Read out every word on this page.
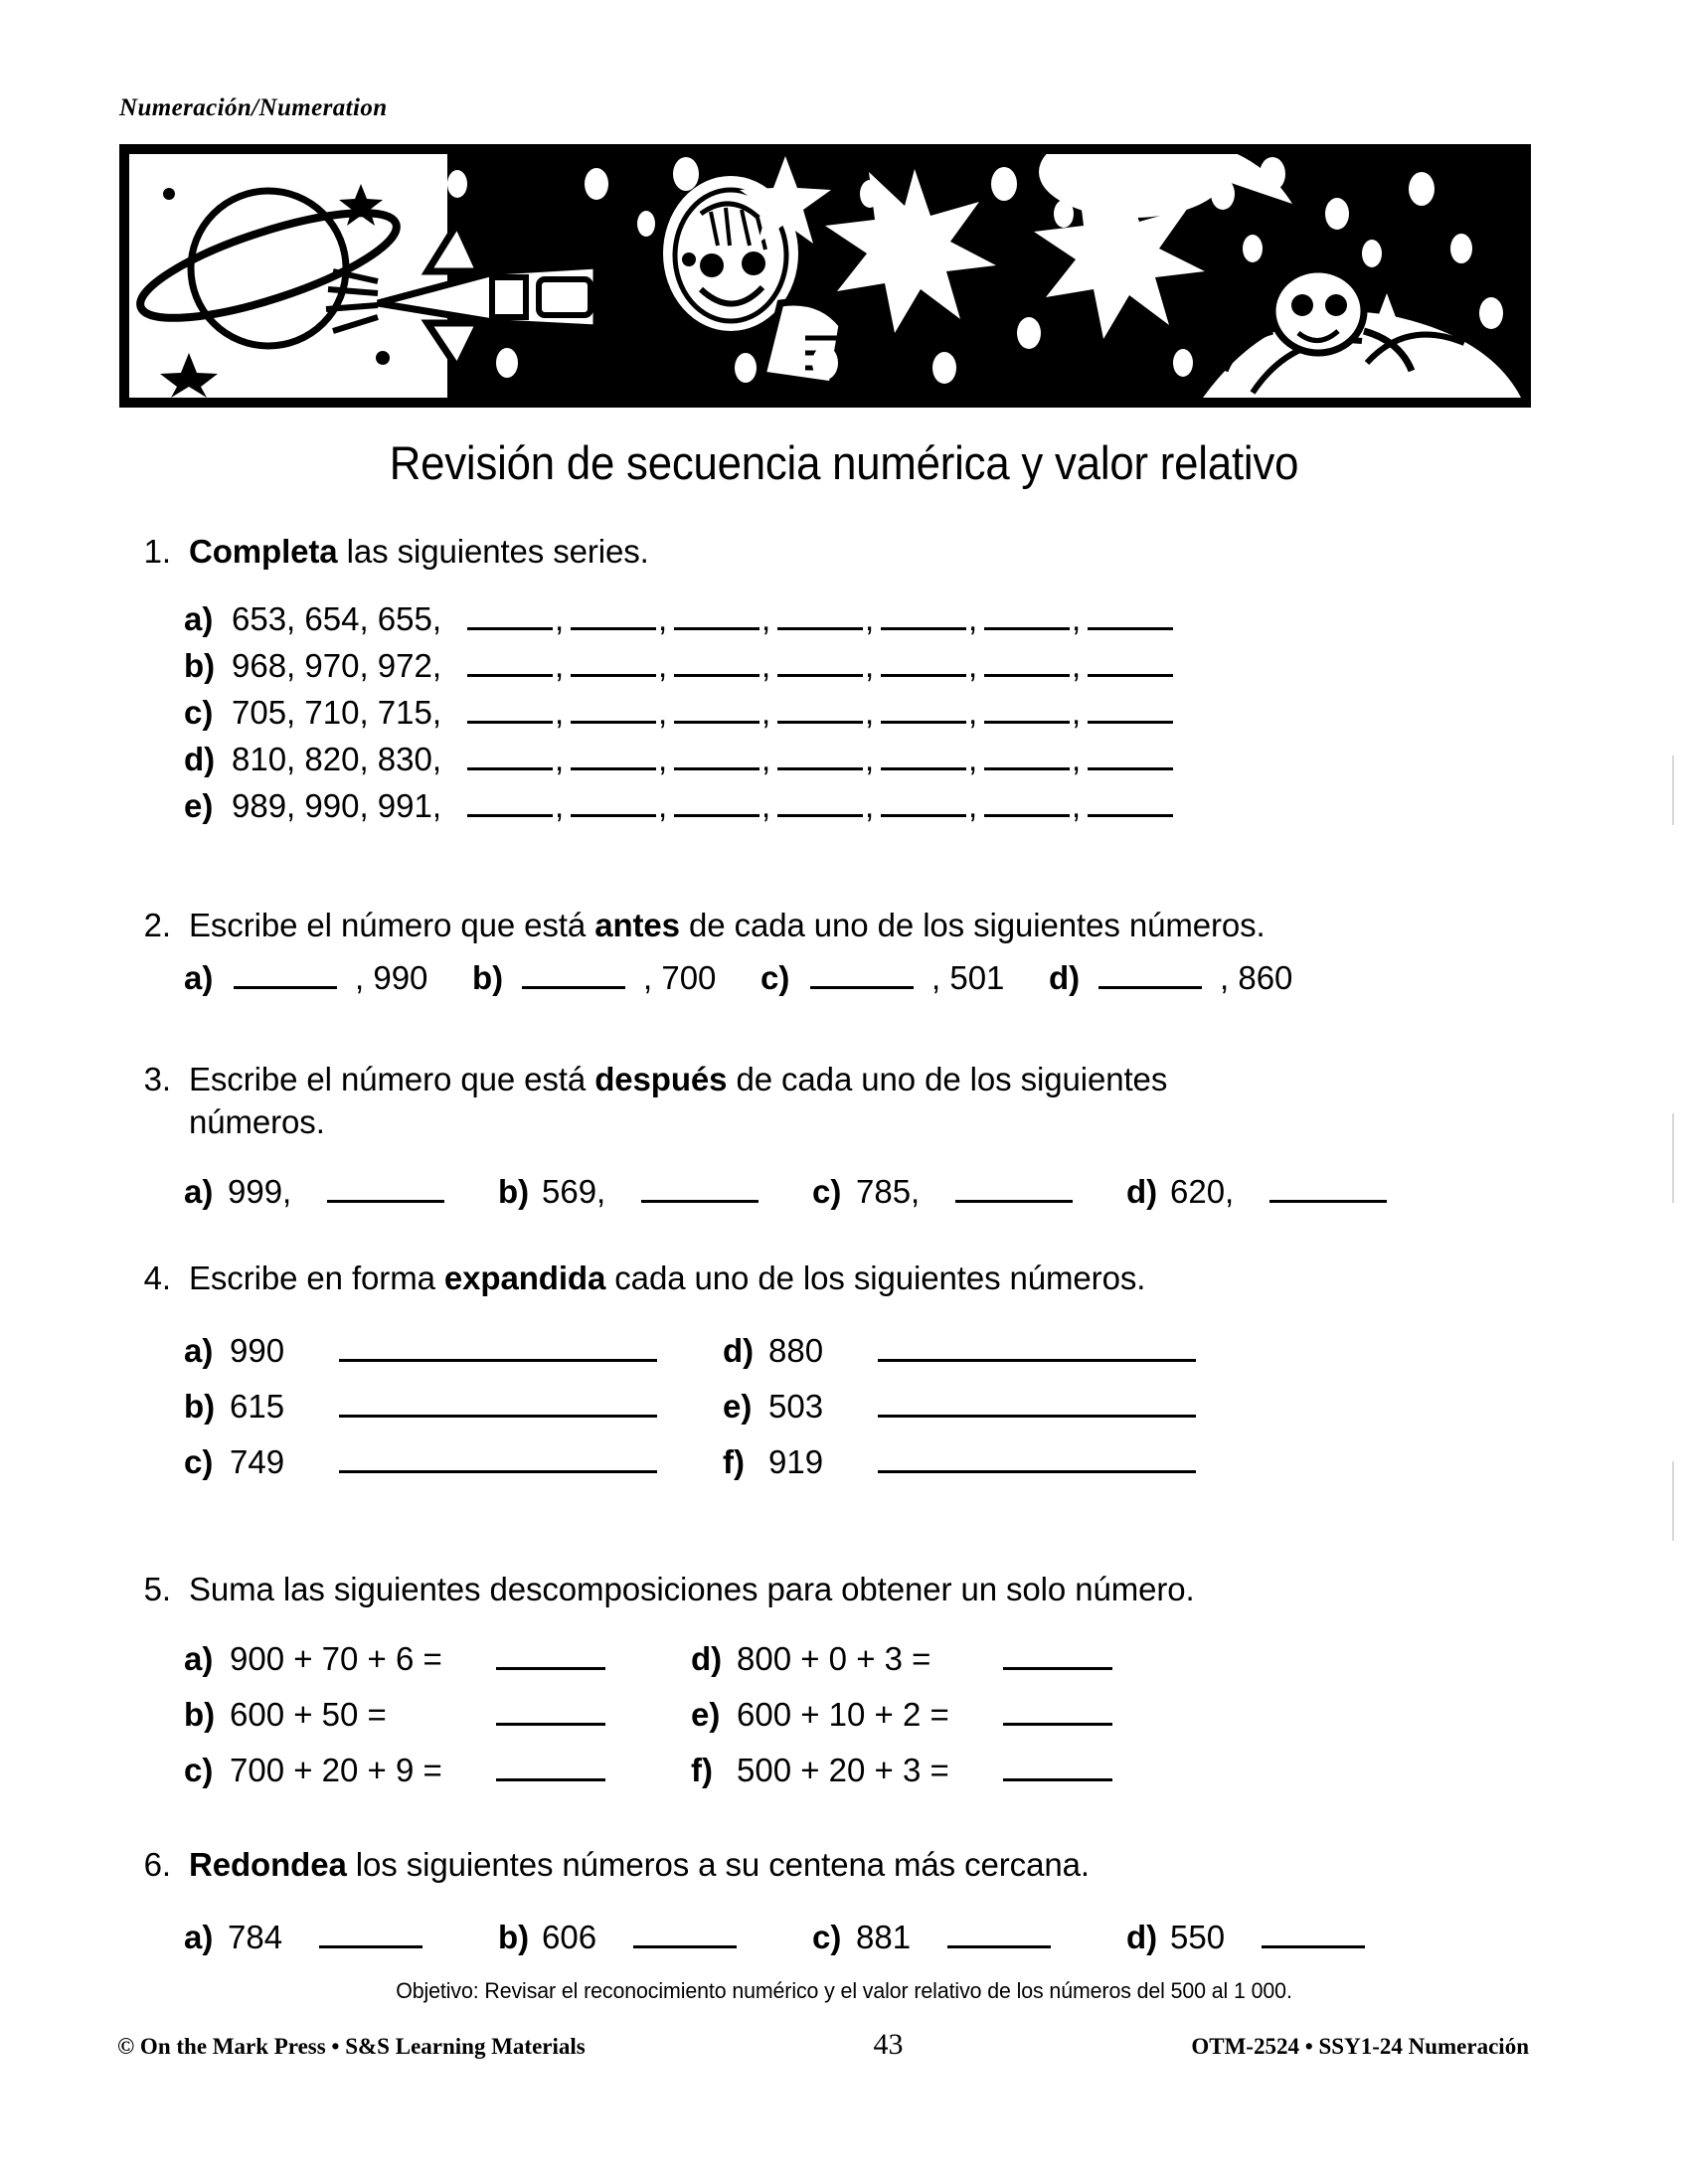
Numeración/Numeration
Revisión de secuencia numérica y valor relativo
1. Completa las siguientes series.
a) 653, 654, 655,	,	,	,	,	,	,
b) 968, 970, 972,	,	,	,	,	,	,
c) 705, 710, 715,	,	,	,	,	,	,
d) 810, 820, 830,	,	,	,	,	,	,
e) 989, 990, 991,	,	,	,	,	,	,
2. Escribe el número que está antes de cada uno de los siguientes números.
a)	, 990	b)	, 700	c)	, 501	d)	, 860
3. Escribe el número que está después de cada uno de los siguientes
números.
a) 999,	b) 569,	c) 785,	d) 620,
4. Escribe en forma expandida cada uno de los siguientes números.
a) 990	d) 880
b) 615	e) 503
c) 749	f) 919
5. Suma las siguientes descomposiciones para obtener un solo número.
a) 900 + 70 + 6 =	d) 800 + 0 + 3 =
b) 600 + 50 =	e) 600 + 10 + 2 =
c) 700 + 20 + 9 =	f) 500 + 20 + 3 =
6. Redondea los siguientes números a su centena más cercana.
a) 784	b) 606	c) 881	d) 550
Objetivo: Revisar el reconocimiento numérico y el valor relativo de los números del 500 al 1 000.
© On the Mark Press • S&S Learning Materials	43	OTM-2524 • SSY1-24 Numeración
